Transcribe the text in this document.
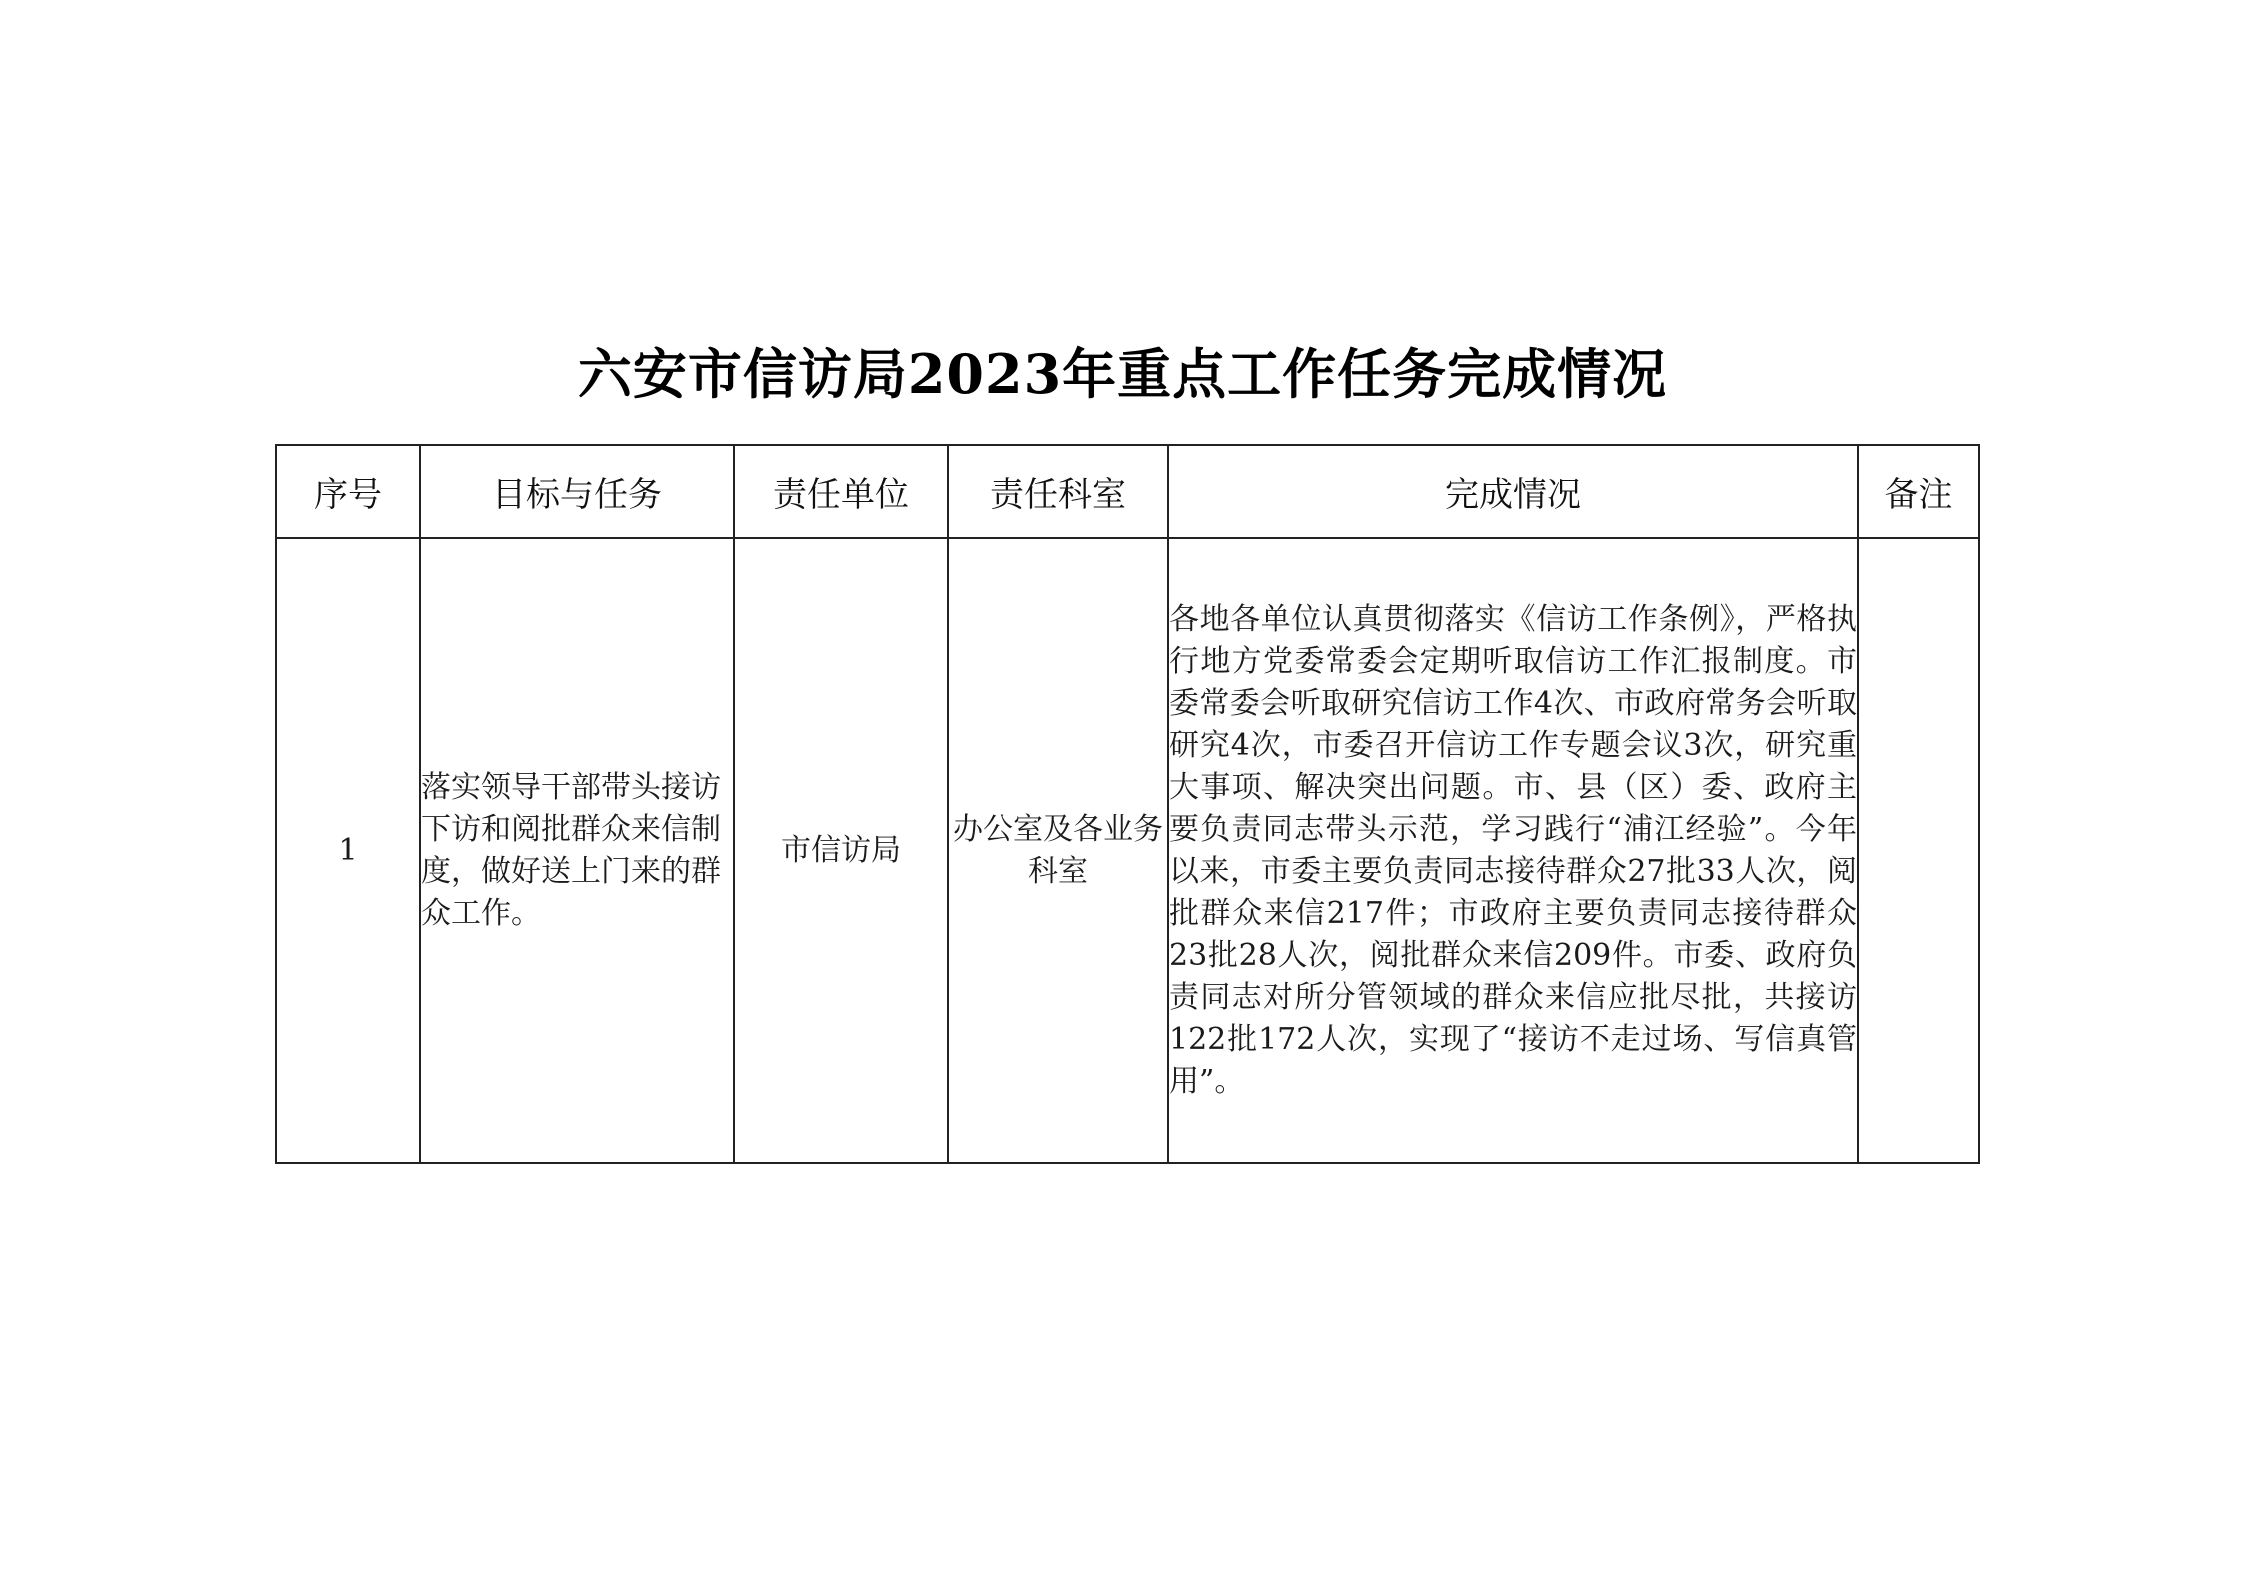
六安市信访局2023年重点工作任务完成情况
序号	目标与任务	责任单位	责任科室	完成情况	备注

1	落实领导干部带头接访下访和阅批群众来信制度，做好送上门来的群众工作。	市信访局	办公室及各业务科室	各地各单位认真贯彻落实《信访工作条例》，严格执行地方党委常委会定期听取信访工作汇报制度。市委常委会听取研究信访工作4次、市政府常务会听取研究4次，市委召开信访工作专题会议3次，研究重大事项、解决突出问题。市、县（区）委、政府主要负责同志带头示范，学习践行“浦江经验”。今年以来，市委主要负责同志接待群众27批33人次，阅批群众来信217件；市政府主要负责同志接待群众23批28人次，阅批群众来信209件。市委、政府负责同志对所分管领域的群众来信应批尽批，共接访122批172人次，实现了“接访不走过场、写信真管用”。	
